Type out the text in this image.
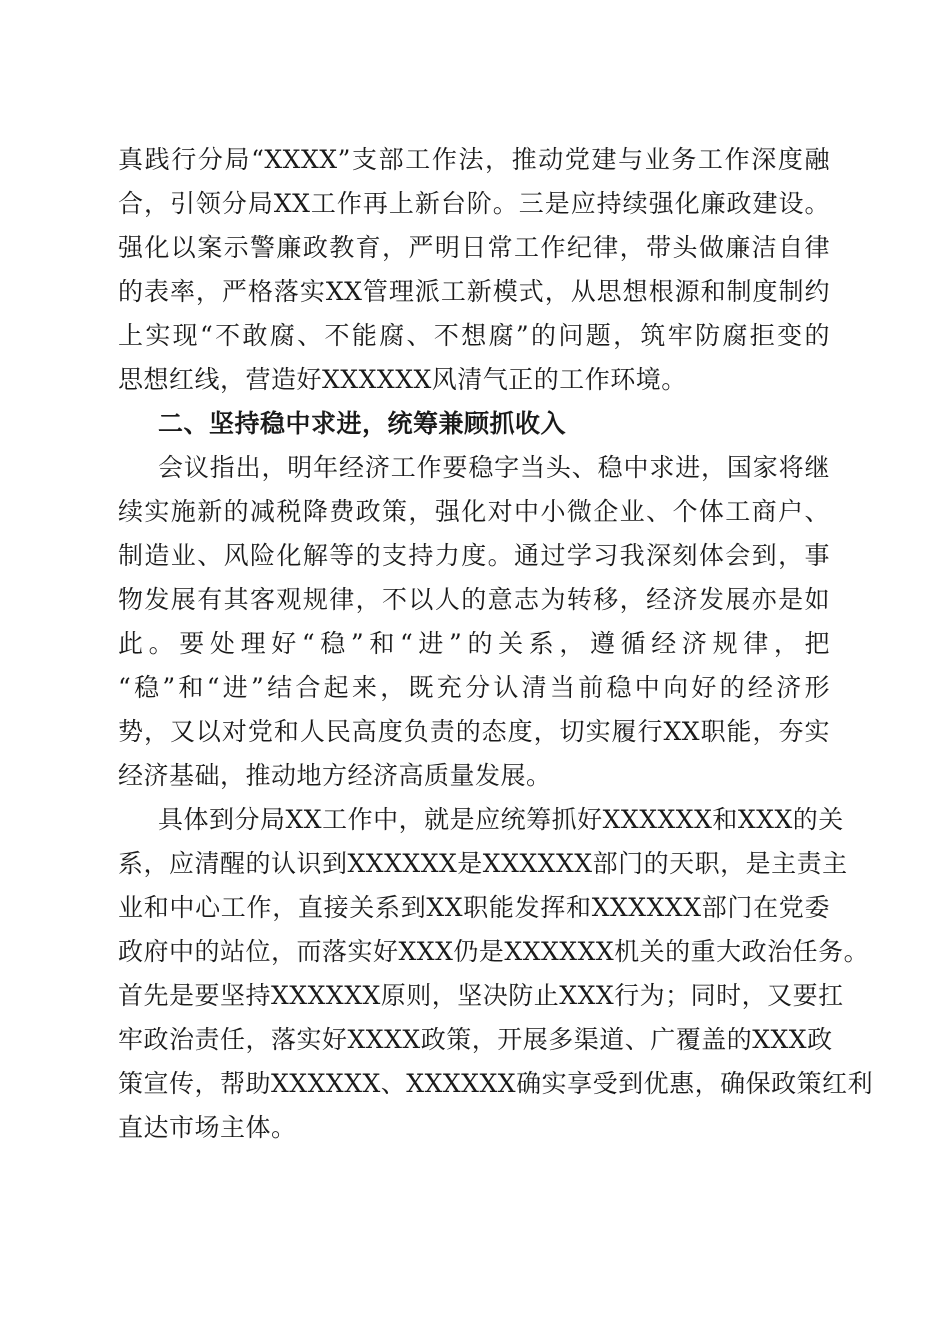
真践行分局“XXXX”支部工作法，推动党建与业务工作深度融
合，引领分局XX工作再上新台阶。三是应持续强化廉政建设。
强化以案示警廉政教育，严明日常工作纪律，带头做廉洁自律
的表率，严格落实XX管理派工新模式，从思想根源和制度制约
上实现“不敢腐、不能腐、不想腐”的问题，筑牢防腐拒变的
思想红线，营造好XXXXXX风清气正的工作环境。
二、坚持稳中求进，统筹兼顾抓收入
会议指出，明年经济工作要稳字当头、稳中求进，国家将继
续实施新的减税降费政策，强化对中小微企业、个体工商户、
制造业、风险化解等的支持力度。通过学习我深刻体会到，事
物发展有其客观规律，不以人的意志为转移，经济发展亦是如
此。要处理好“稳”和“进”的关系，遵循经济规律，把
“稳”和“进”结合起来，既充分认清当前稳中向好的经济形
势，又以对党和人民高度负责的态度，切实履行XX职能，夯实
经济基础，推动地方经济高质量发展。
具体到分局XX工作中，就是应统筹抓好XXXXXX和XXX的关
系，应清醒的认识到XXXXXX是XXXXXX部门的天职，是主责主
业和中心工作，直接关系到XX职能发挥和XXXXXX部门在党委
政府中的站位，而落实好XXX仍是XXXXXX机关的重大政治任务。
首先是要坚持XXXXXX原则，坚决防止XXX行为；同时，又要扛
牢政治责任，落实好XXXX政策，开展多渠道、广覆盖的XXX政
策宣传，帮助XXXXXX、XXXXXX确实享受到优惠，确保政策红利
直达市场主体。
